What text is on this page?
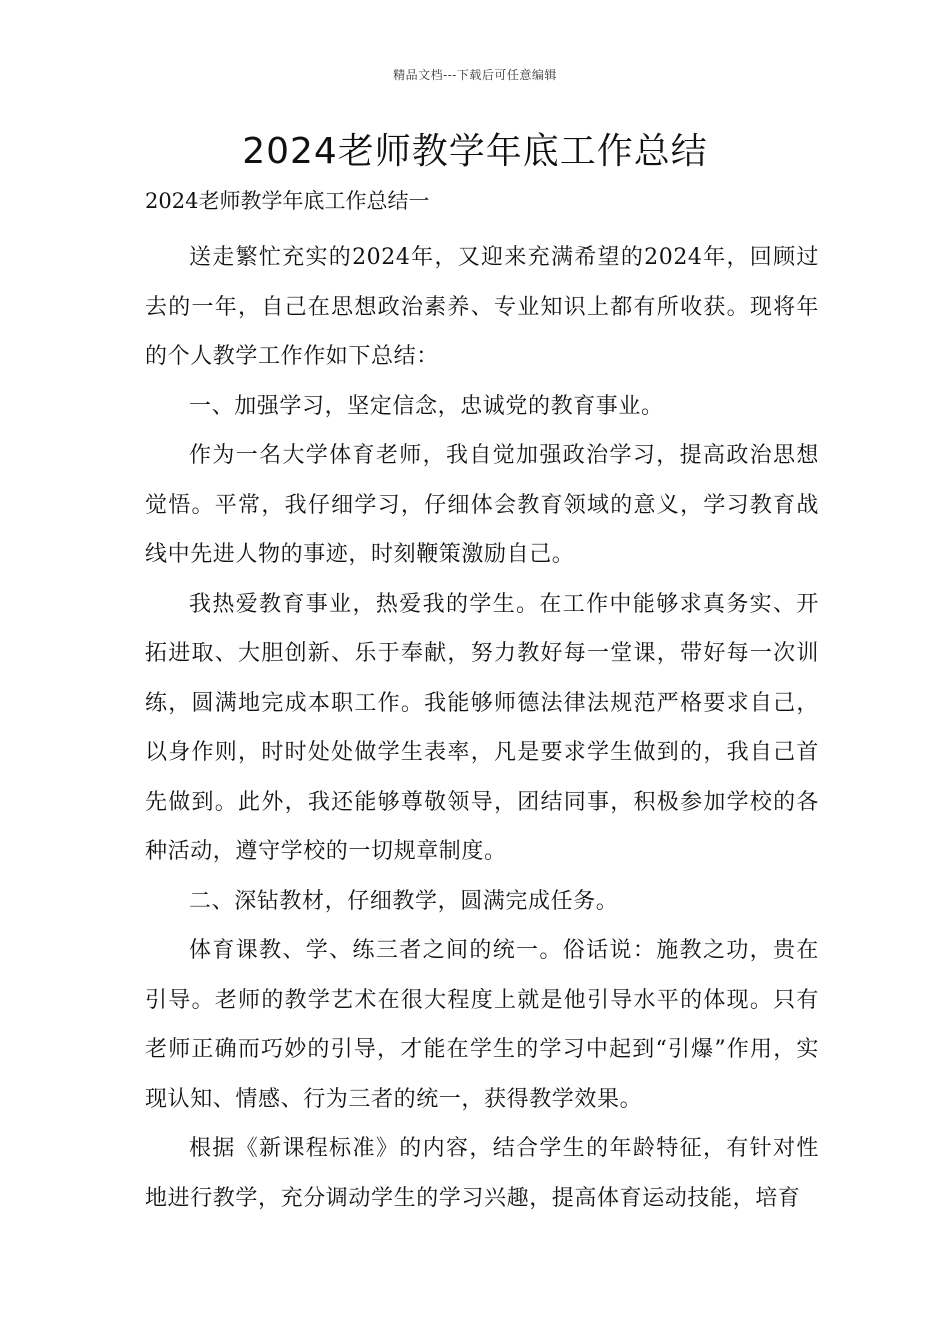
精品文档---下载后可任意编辑
2024老师教学年底工作总结
2024老师教学年底工作总结一

送走繁忙充实的2024年，又迎来充满希望的2024年，回顾过去的一年，自己在思想政治素养、专业知识上都有所收获。现将年的个人教学工作作如下总结：

一、加强学习，坚定信念，忠诚党的教育事业。

作为一名大学体育老师，我自觉加强政治学习，提高政治思想觉悟。平常，我仔细学习，仔细体会教育领域的意义，学习教育战线中先进人物的事迹，时刻鞭策激励自己。

我热爱教育事业，热爱我的学生。在工作中能够求真务实、开拓进取、大胆创新、乐于奉献，努力教好每一堂课，带好每一次训练，圆满地完成本职工作。我能够师德法律法规范严格要求自己，以身作则，时时处处做学生表率，凡是要求学生做到的，我自己首先做到。此外，我还能够尊敬领导，团结同事，积极参加学校的各种活动，遵守学校的一切规章制度。

二、深钻教材，仔细教学，圆满完成任务。

体育课教、学、练三者之间的统一。俗话说：施教之功，贵在引导。老师的教学艺术在很大程度上就是他引导水平的体现。只有老师正确而巧妙的引导，才能在学生的学习中起到“引爆”作用，实现认知、情感、行为三者的统一，获得教学效果。

根据《新课程标准》的内容，结合学生的年龄特征，有针对性地进行教学，充分调动学生的学习兴趣，提高体育运动技能，培育
